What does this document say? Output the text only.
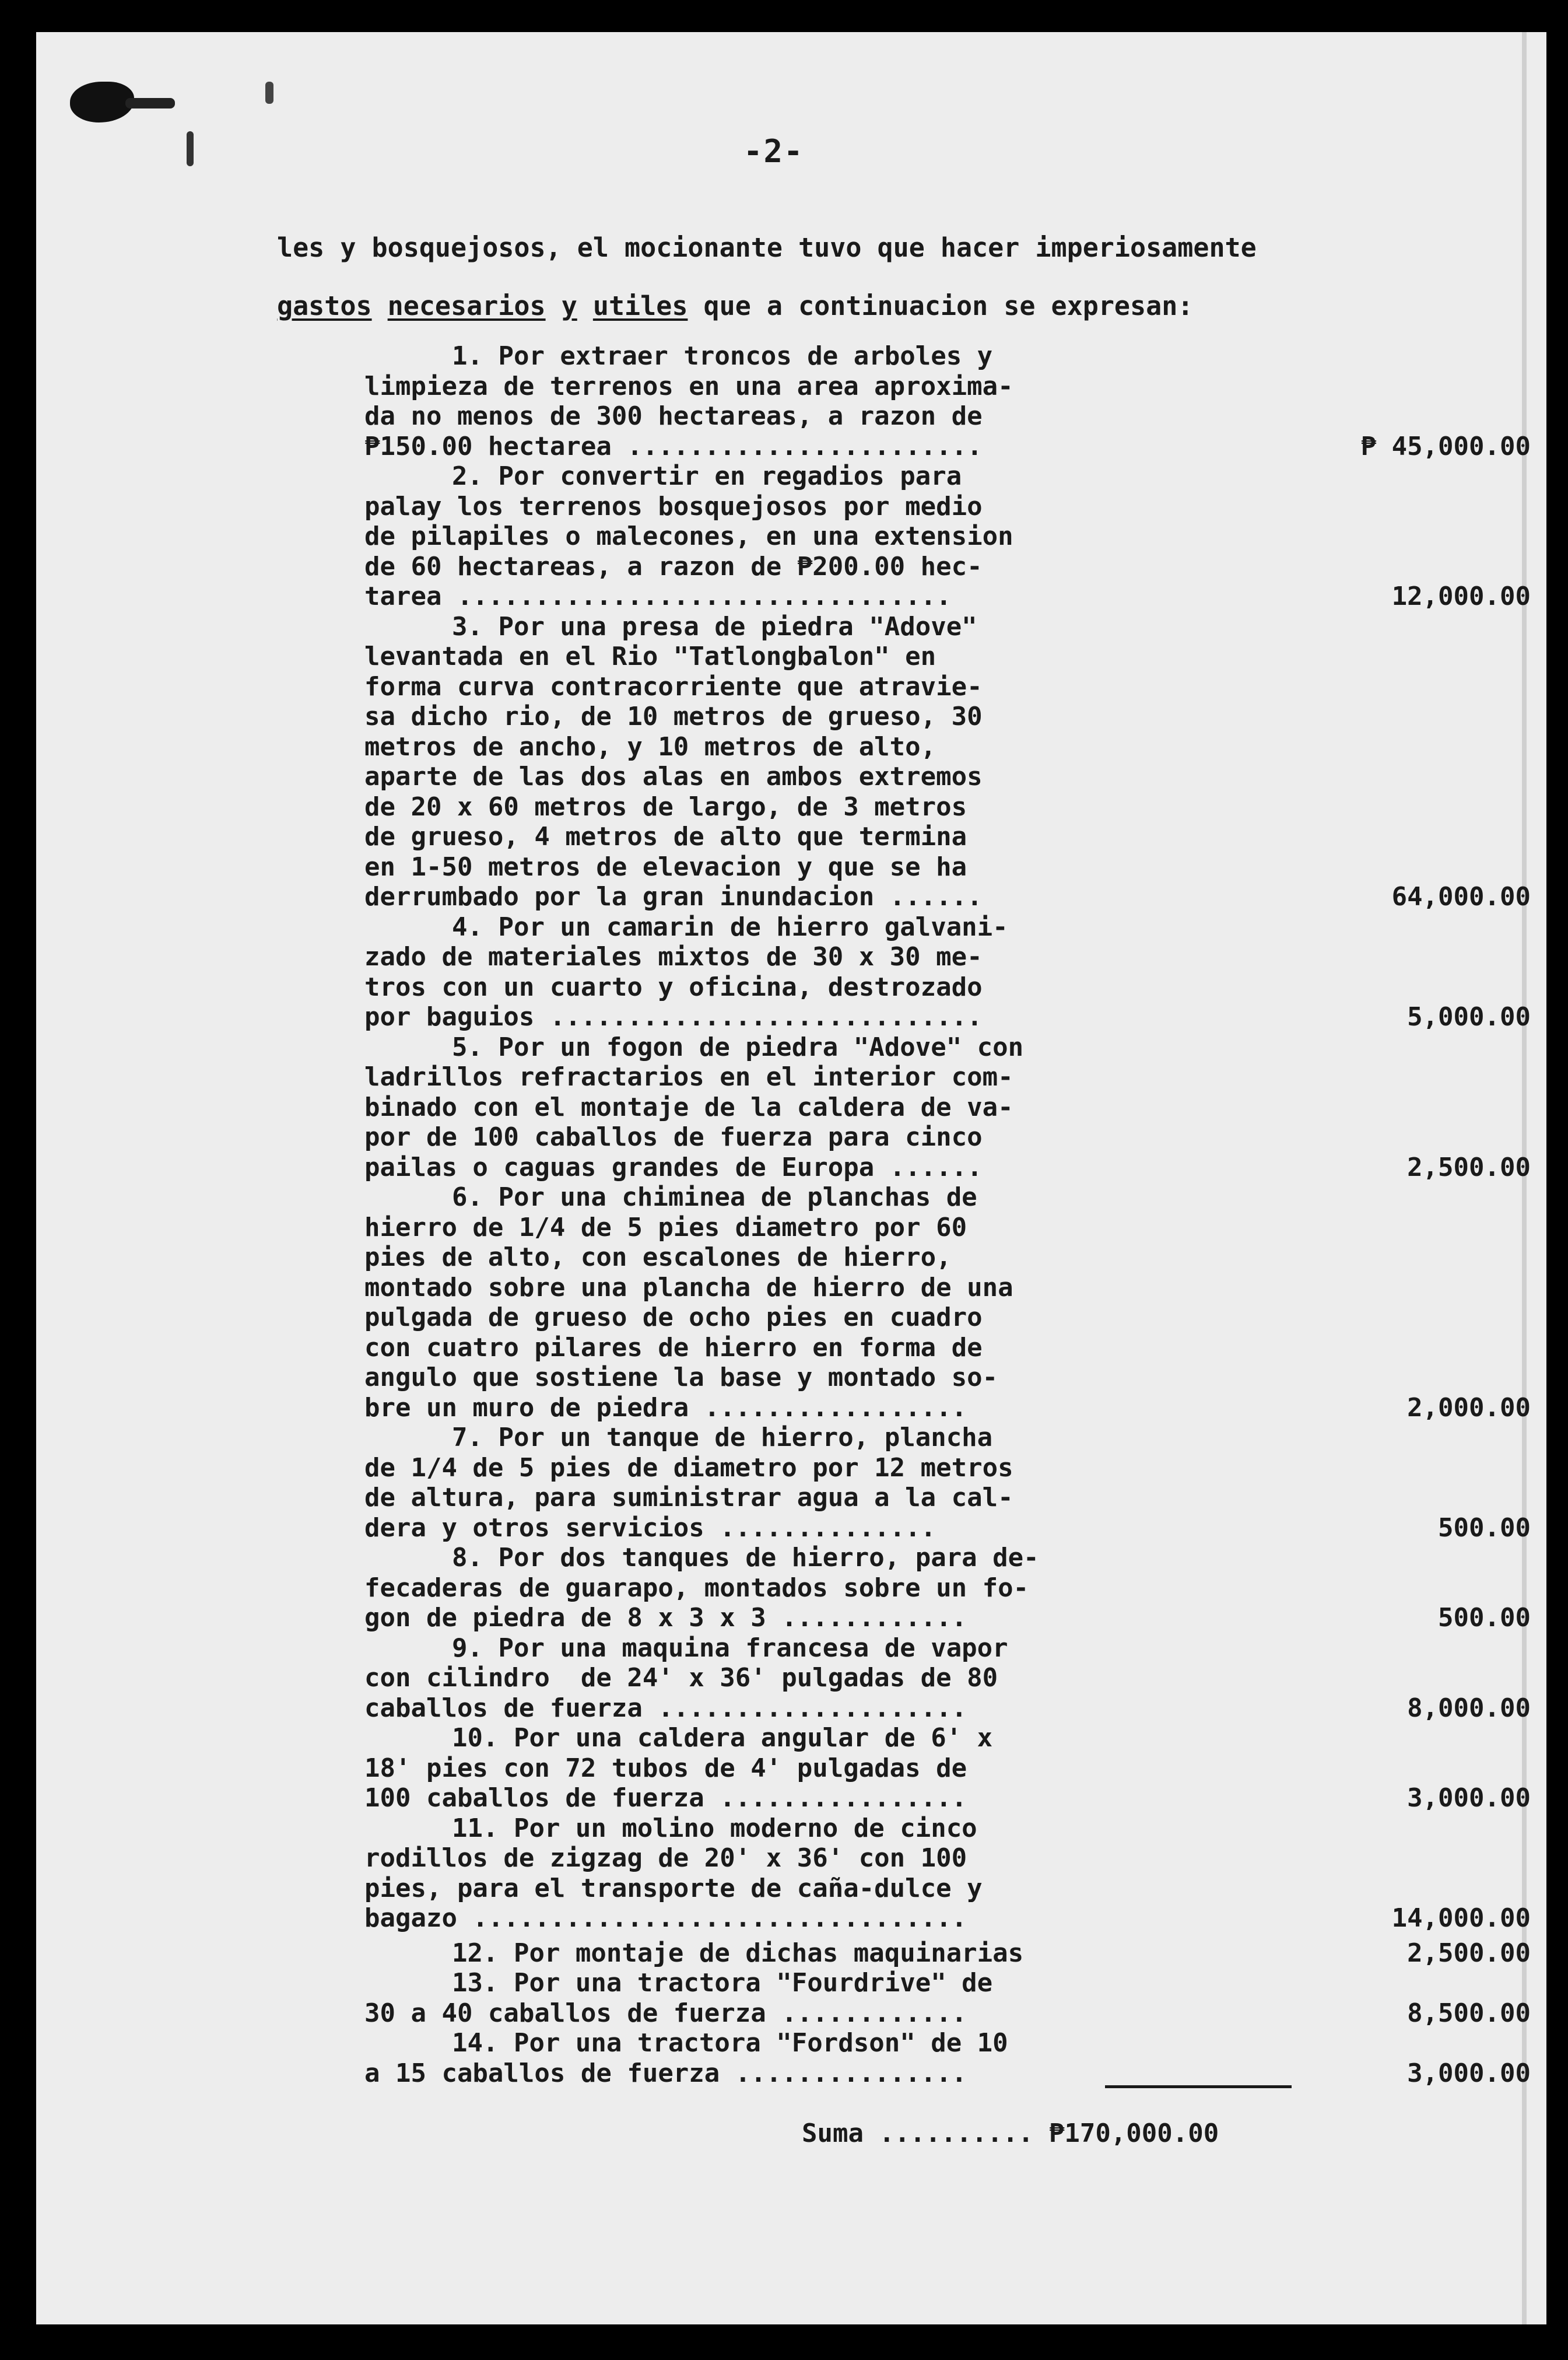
-2-

les y bosquejosos, el mocionante tuvo que hacer imperiosamente

gastos necesarios y utiles que a continuacion se expresan:

1. Por extraer troncos de arboles y
limpieza de terrenos en una area aproxima-
da no menos de 300 hectareas, a razon de
₱150.00 hectarea .......................	₱ 45,000.00
2. Por convertir en regadios para
palay los terrenos bosquejosos por medio
de pilapiles o malecones, en una extension
de 60 hectareas, a razon de ₱200.00 hec-
tarea ................................	12,000.00
3. Por una presa de piedra "Adove"
levantada en el Rio "Tatlongbalon" en
forma curva contracorriente que atravie-
sa dicho rio, de 10 metros de grueso, 30
metros de ancho, y 10 metros de alto,
aparte de las dos alas en ambos extremos
de 20 x 60 metros de largo, de 3 metros
de grueso, 4 metros de alto que termina
en 1-50 metros de elevacion y que se ha
derrumbado por la gran inundacion ......	64,000.00
4. Por un camarin de hierro galvani-
zado de materiales mixtos de 30 x 30 me-
tros con un cuarto y oficina, destrozado
por baguios ............................	5,000.00
5. Por un fogon de piedra "Adove" con
ladrillos refractarios en el interior com-
binado con el montaje de la caldera de va-
por de 100 caballos de fuerza para cinco
pailas o caguas grandes de Europa ......	2,500.00
6. Por una chiminea de planchas de
hierro de 1/4 de 5 pies diametro por 60
pies de alto, con escalones de hierro,
montado sobre una plancha de hierro de una
pulgada de grueso de ocho pies en cuadro
con cuatro pilares de hierro en forma de
angulo que sostiene la base y montado so-
bre un muro de piedra .................	2,000.00
7. Por un tanque de hierro, plancha
de 1/4 de 5 pies de diametro por 12 metros
de altura, para suministrar agua a la cal-
dera y otros servicios ..............	500.00
8. Por dos tanques de hierro, para de-
fecaderas de guarapo, montados sobre un fo-
gon de piedra de 8 x 3 x 3 ............	500.00
9. Por una maquina francesa de vapor
con cilindro  de 24' x 36' pulgadas de 80
caballos de fuerza ....................	8,000.00
10. Por una caldera angular de 6' x
18' pies con 72 tubos de 4' pulgadas de
100 caballos de fuerza ................	3,000.00
11. Por un molino moderno de cinco
rodillos de zigzag de 20' x 36' con 100
pies, para el transporte de caña-dulce y
bagazo ................................	14,000.00
12. Por montaje de dichas maquinarias	2,500.00
13. Por una tractora "Fourdrive" de
30 a 40 caballos de fuerza ............	8,500.00
14. Por una tractora "Fordson" de 10
a 15 caballos de fuerza ...............	3,000.00
Suma .......... ₱170,000.00
